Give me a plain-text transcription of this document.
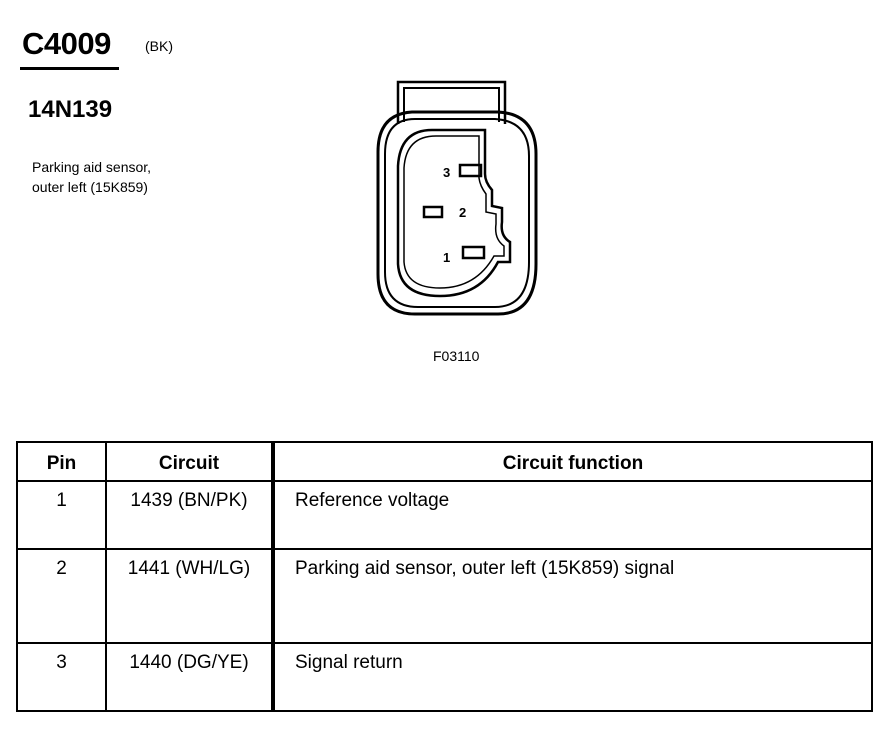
C4009 (BK)
14N139
Parking aid sensor,
outer left (15K859)
3
2
1
F03110
Pin	Circuit	Circuit function
1	1439 (BN/PK)	Reference voltage
2	1441 (WH/LG)	Parking aid sensor, outer left (15K859) signal
3	1440 (DG/YE)	Signal return
